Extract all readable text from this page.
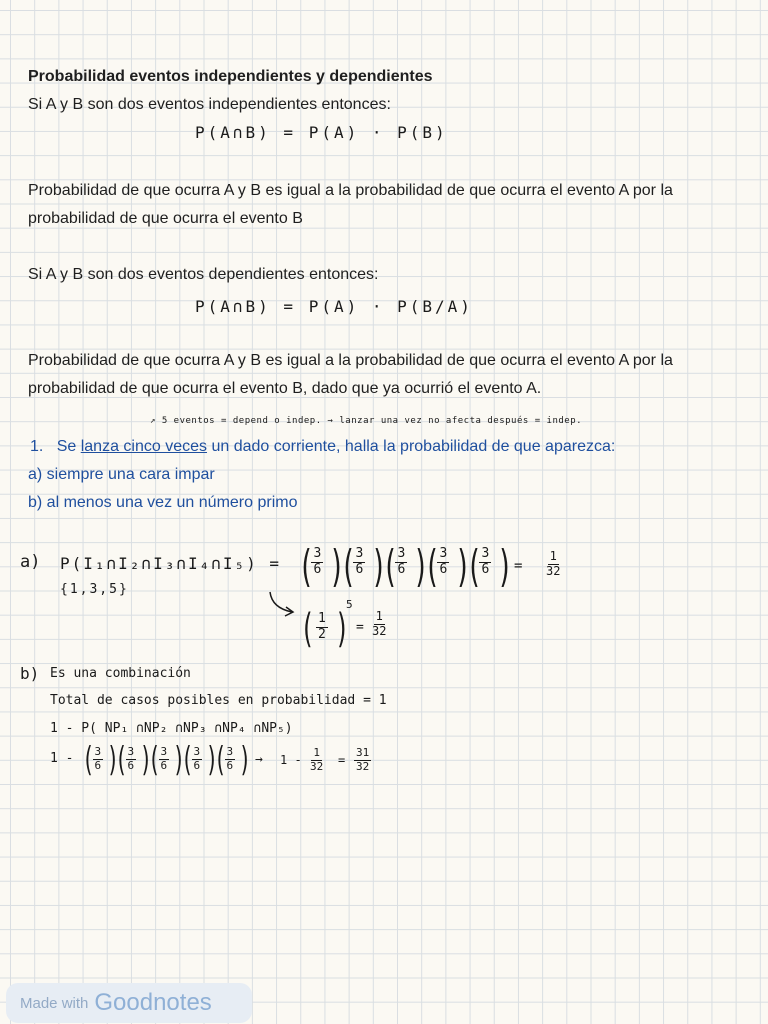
Probabilidad eventos independientes y dependientes
Si A y B son dos eventos independientes entonces:
P(A∩B) = P(A) · P(B)
Probabilidad de que ocurra A y B es igual a la probabilidad de que ocurra el evento A por la
probabilidad de que ocurra el evento B
Si A y B son dos eventos dependientes entonces:
P(A∩B) = P(A) · P(B/A)
Probabilidad de que ocurra A y B es igual a la probabilidad de que ocurra el evento A por la
probabilidad de que ocurra el evento B, dado que ya ocurrió el evento A.
↗ 5 eventos = depend o indep. → lanzar una vez no afecta después = indep.
1. Se lanza cinco veces un dado corriente, halla la probabilidad de que aparezca:
a) siempre una cara impar
b) al menos una vez un número primo
a) P(I₁∩I₂∩I₃∩I₄∩I₅) =
{1,3,5}	( $\frac{3}{6}$ ) ( $\frac{3}{6}$ ) ( $\frac{3}{6}$ ) ( $\frac{3}{6}$ ) ( $\frac{3}{6}$ ) = $\frac{1}{32}$
( $\frac{1}{2}$ )
5
= $\frac{1}{32}$
b) Es una combinación
Total de casos posibles en probabilidad = 1
1 - P( NP₁ ∩NP₂ ∩NP₃ ∩NP₄ ∩NP₅)
1 - ( $\frac{3}{6}$ ) ( $\frac{3}{6}$ ) ( $\frac{3}{6}$ ) ( $\frac{3}{6}$ ) ( $\frac{3}{6}$ ) → $1 - \frac{1}{32} = \frac{31}{32}$
Made with Goodnotes
